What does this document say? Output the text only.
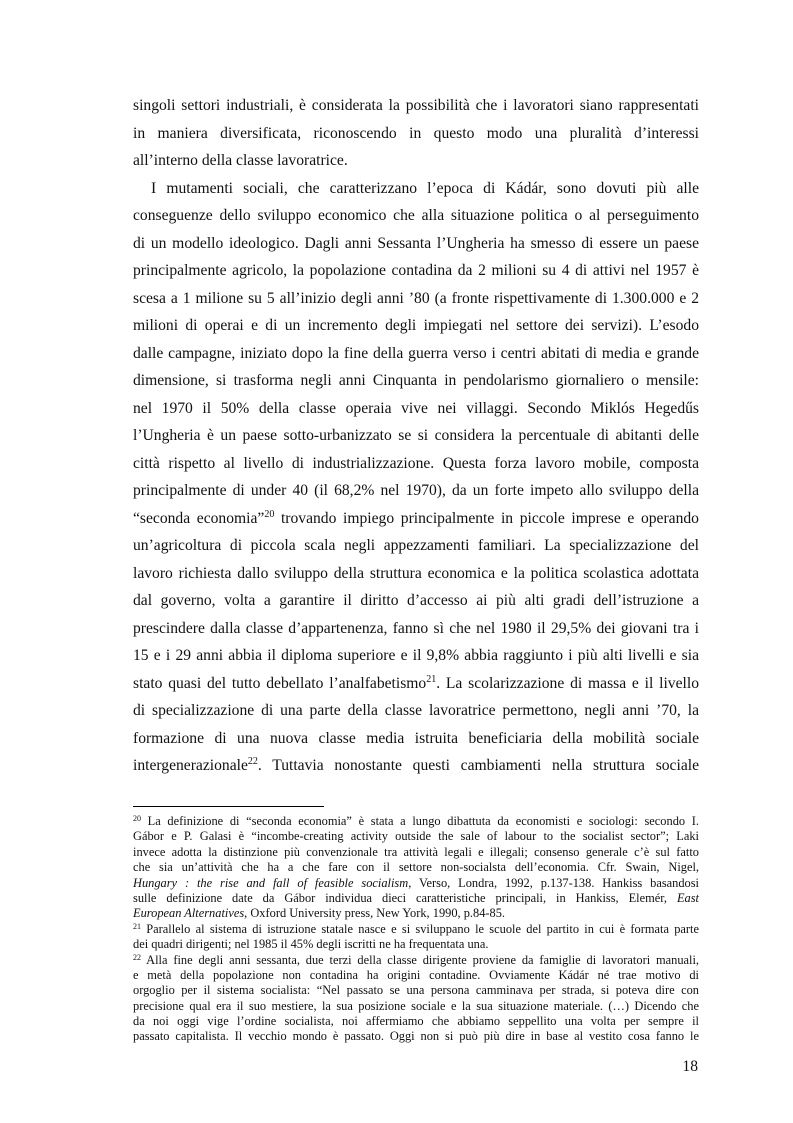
singoli settori industriali, è considerata la possibilità che i lavoratori siano rappresentati
in maniera diversificata, riconoscendo in questo modo una pluralità d’interessi
all’interno della classe lavoratrice.
I mutamenti sociali, che caratterizzano l’epoca di Kádár, sono dovuti più alle
conseguenze dello sviluppo economico che alla situazione politica o al perseguimento
di un modello ideologico. Dagli anni Sessanta l’Ungheria ha smesso di essere un paese
principalmente agricolo, la popolazione contadina da 2 milioni su 4 di attivi nel 1957 è
scesa a 1 milione su 5 all’inizio degli anni ’80 (a fronte rispettivamente di 1.300.000 e 2
milioni di operai e di un incremento degli impiegati nel settore dei servizi). L’esodo
dalle campagne, iniziato dopo la fine della guerra verso i centri abitati di media e grande
dimensione, si trasforma negli anni Cinquanta in pendolarismo giornaliero o mensile:
nel 1970 il 50% della classe operaia vive nei villaggi. Secondo Miklós Hegedűs
l’Ungheria è un paese sotto-urbanizzato se si considera la percentuale di abitanti delle
città rispetto al livello di industrializzazione. Questa forza lavoro mobile, composta
principalmente di under 40 (il 68,2% nel 1970), da un forte impeto allo sviluppo della
“seconda economia”$^{20}$ trovando impiego principalmente in piccole imprese e operando
un’agricoltura di piccola scala negli appezzamenti familiari. La specializzazione del
lavoro richiesta dallo sviluppo della struttura economica e la politica scolastica adottata
dal governo, volta a garantire il diritto d’accesso ai più alti gradi dell’istruzione a
prescindere dalla classe d’appartenenza, fanno sì che nel 1980 il 29,5% dei giovani tra i
15 e i 29 anni abbia il diploma superiore e il 9,8% abbia raggiunto i più alti livelli e sia
stato quasi del tutto debellato l’analfabetismo$^{21}$. La scolarizzazione di massa e il livello
di specializzazione di una parte della classe lavoratrice permettono, negli anni ’70, la
formazione di una nuova classe media istruita beneficiaria della mobilità sociale
intergenerazionale$^{22}$. Tuttavia nonostante questi cambiamenti nella struttura sociale
$^{20}$ La definizione di “seconda economia” è stata a lungo dibattuta da economisti e sociologi: secondo I.
Gábor e P. Galasi è “incombe-creating activity outside the sale of labour to the socialist sector”; Laki
invece adotta la distinzione più convenzionale tra attività legali e illegali; consenso generale c’è sul fatto
che sia un’attività che ha a che fare con il settore non-socialsta dell’economia. Cfr. Swain, Nigel,
Hungary : the rise and fall of feasible socialism, Verso, Londra, 1992, p.137-138. Hankiss basandosi
sulle definizione date da Gábor individua dieci caratteristiche principali, in Hankiss, Elemér, East
European Alternatives, Oxford University press, New York, 1990, p.84-85.
$^{21}$ Parallelo al sistema di istruzione statale nasce e si sviluppano le scuole del partito in cui è formata parte
dei quadri dirigenti; nel 1985 il 45% degli iscritti ne ha frequentata una.
$^{22}$ Alla fine degli anni sessanta, due terzi della classe dirigente proviene da famiglie di lavoratori manuali,
e metà della popolazione non contadina ha origini contadine. Ovviamente Kádár né trae motivo di
orgoglio per il sistema socialista: “Nel passato se una persona camminava per strada, si poteva dire con
precisione qual era il suo mestiere, la sua posizione sociale e la sua situazione materiale. (…) Dicendo che
da noi oggi vige l’ordine socialista, noi affermiamo che abbiamo seppellito una volta per sempre il
passato capitalista. Il vecchio mondo è passato. Oggi non si può più dire in base al vestito cosa fanno le
18
